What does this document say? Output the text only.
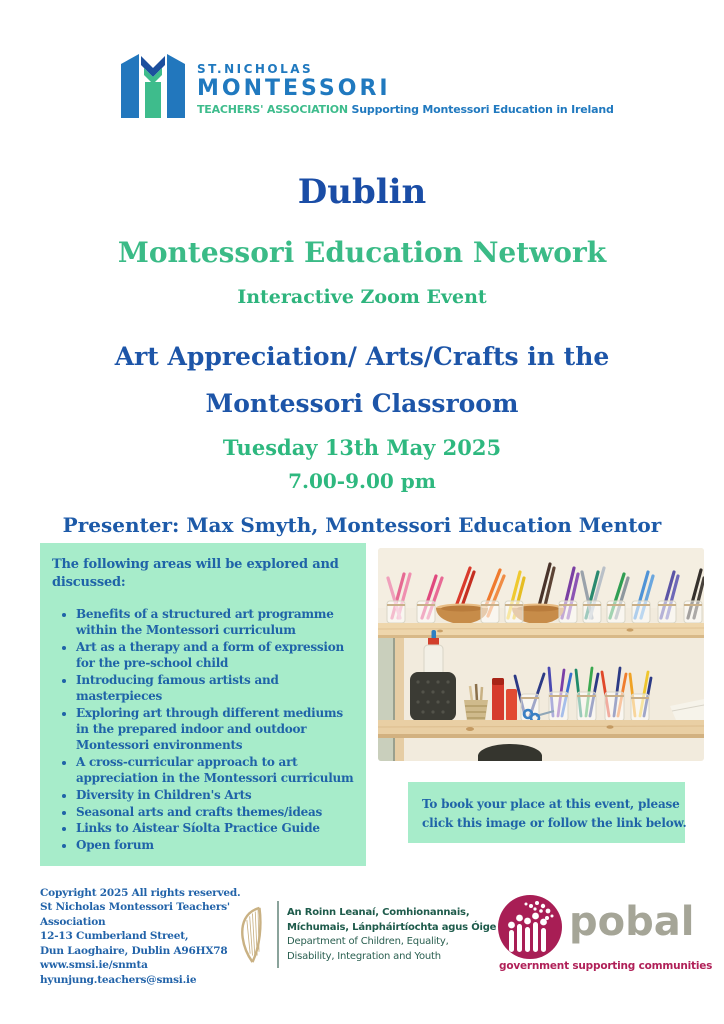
ST.NICHOLAS
MONTESSORI
TEACHERS' ASSOCIATION Supporting Montessori Education in Ireland
Dublin
Montessori Education Network
Interactive Zoom Event
Art Appreciation/ Arts/Crafts in the
Montessori Classroom
Tuesday 13th May 2025
7.00-9.00 pm
Presenter: Max Smyth, Montessori Education Mentor
The following areas will be explored and discussed:
• Benefits of a structured art programme within the Montessori curriculum
• Art as a therapy and a form of expression for the pre-school child
• Introducing famous artists and masterpieces
• Exploring art through different mediums in the prepared indoor and outdoor Montessori environments
• A cross-curricular approach to art appreciation in the Montessori curriculum
• Diversity in Children's Arts
• Seasonal arts and crafts themes/ideas
• Links to Aistear Síolta Practice Guide
• Open forum
To book your place at this event, please
click this image or follow the link below.
Copyright 2025 All rights reserved.
St Nicholas Montessori Teachers' Association
12-13 Cumberland Street,
Dun Laoghaire, Dublin A96HX78
www.smsi.ie/snmta
hyunjung.teachers@smsi.ie
An Roinn Leanaí, Comhionannais,
Míchumais, Lánpháirtíochta agus Óige
Department of Children, Equality,
Disability, Integration and Youth
pobal
government supporting communities
